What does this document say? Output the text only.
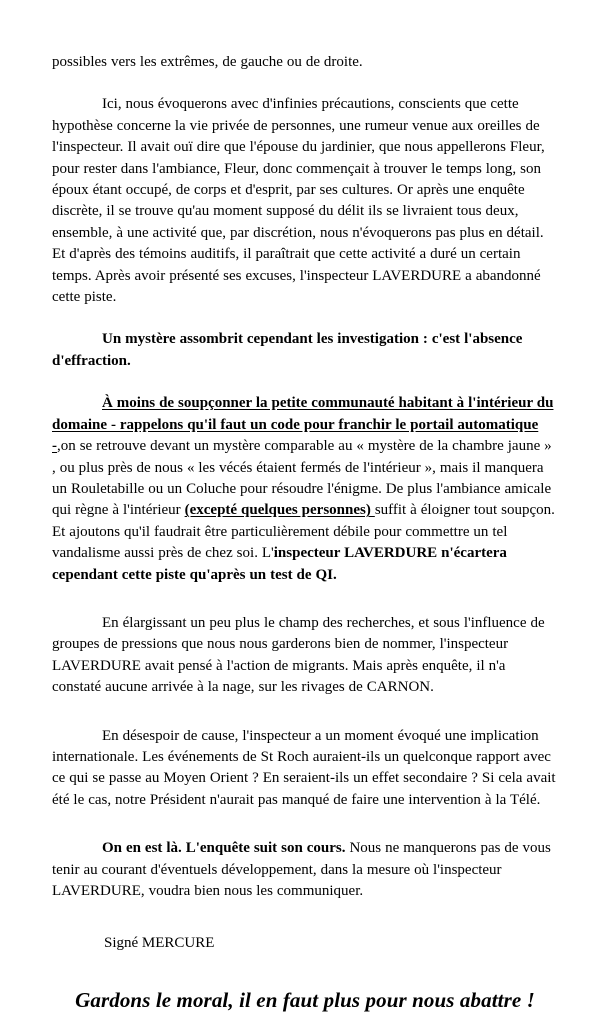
possibles vers les extrêmes, de gauche ou de droite.

Ici, nous évoquerons avec d'infinies précautions, conscients que cette hypothèse concerne la vie privée de personnes, une rumeur venue aux oreilles de l'inspecteur. Il avait ouï dire que l'épouse du jardinier, que nous appellerons Fleur, pour rester dans l'ambiance, Fleur, donc commençait à trouver le temps long, son époux étant occupé, de corps et d'esprit, par ses cultures. Or après une enquête discrète, il se trouve qu'au moment supposé du délit ils se livraient tous deux, ensemble, à une activité que, par discrétion, nous n'évoquerons pas plus en détail. Et d'après des témoins auditifs, il paraîtrait que cette activité a duré un certain temps. Après avoir présenté ses excuses, l'inspecteur LAVERDURE a abandonné cette piste.

Un mystère assombrit cependant les investigation : c'est l'absence d'effraction.

À moins de soupçonner la petite communauté habitant à l'intérieur du domaine - rappelons qu'il faut un code pour franchir le portail automatique -,on se retrouve devant un mystère comparable au « mystère de la chambre jaune » , ou plus près de nous « les vécés étaient fermés de l'intérieur », mais il manquera un Rouletabille ou un Coluche pour résoudre l'énigme. De plus l'ambiance amicale qui règne à l'intérieur (excepté quelques personnes) suffit à éloigner tout soupçon. Et ajoutons qu'il faudrait être particulièrement débile pour commettre un tel vandalisme aussi près de chez soi. L'inspecteur LAVERDURE n'écartera cependant cette piste qu'après un test de QI.

En élargissant un peu plus le champ des recherches, et sous l'influence de groupes de pressions que nous nous garderons bien de nommer, l'inspecteur LAVERDURE avait pensé à l'action de migrants. Mais après enquête, il n'a constaté aucune arrivée à la nage, sur les rivages de CARNON.

En désespoir de cause, l'inspecteur a un moment évoqué une implication internationale. Les événements de St Roch auraient-ils un quelconque rapport avec ce qui se passe au Moyen Orient ? En seraient-ils un effet secondaire ? Si cela avait été le cas, notre Président n'aurait pas manqué de faire une intervention à la Télé.

On en est là. L'enquête suit son cours. Nous ne manquerons pas de vous tenir au courant d'éventuels développement, dans la mesure où l'inspecteur LAVERDURE, voudra bien nous les communiquer.

Signé MERCURE

Gardons le moral, il en faut plus pour nous abattre !
